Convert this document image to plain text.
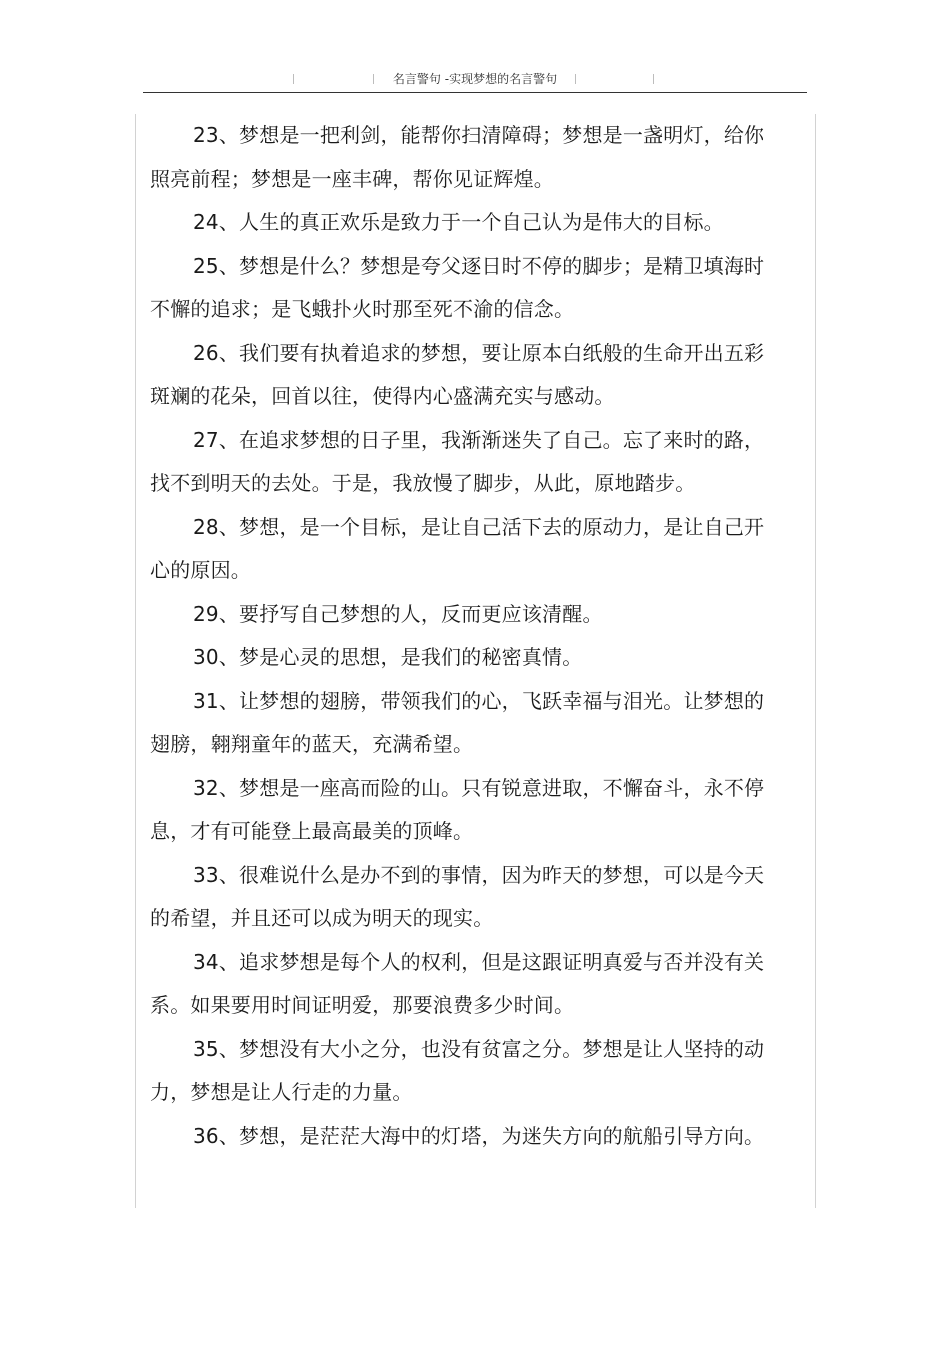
名言警句 -实现梦想的名言警句

23、梦想是一把利剑，能帮你扫清障碍；梦想是一盏明灯，给你照亮前程；梦想是一座丰碑，帮你见证辉煌。

24、人生的真正欢乐是致力于一个自己认为是伟大的目标。

25、梦想是什么？梦想是夸父逐日时不停的脚步；是精卫填海时不懈的追求；是飞蛾扑火时那至死不渝的信念。

26、我们要有执着追求的梦想，要让原本白纸般的生命开出五彩斑斓的花朵，回首以往，使得内心盛满充实与感动。

27、在追求梦想的日子里，我渐渐迷失了自己。忘了来时的路，找不到明天的去处。于是，我放慢了脚步，从此，原地踏步。

28、梦想，是一个目标，是让自己活下去的原动力，是让自己开心的原因。

29、要抒写自己梦想的人，反而更应该清醒。

30、梦是心灵的思想，是我们的秘密真情。

31、让梦想的翅膀，带领我们的心，飞跃幸福与泪光。让梦想的翅膀，翱翔童年的蓝天，充满希望。

32、梦想是一座高而险的山。只有锐意进取，不懈奋斗，永不停息，才有可能登上最高最美的顶峰。

33、很难说什么是办不到的事情，因为昨天的梦想，可以是今天的希望，并且还可以成为明天的现实。

34、追求梦想是每个人的权利，但是这跟证明真爱与否并没有关系。如果要用时间证明爱，那要浪费多少时间。

35、梦想没有大小之分，也没有贫富之分。梦想是让人坚持的动力，梦想是让人行走的力量。

36、梦想，是茫茫大海中的灯塔，为迷失方向的航船引导方向。
